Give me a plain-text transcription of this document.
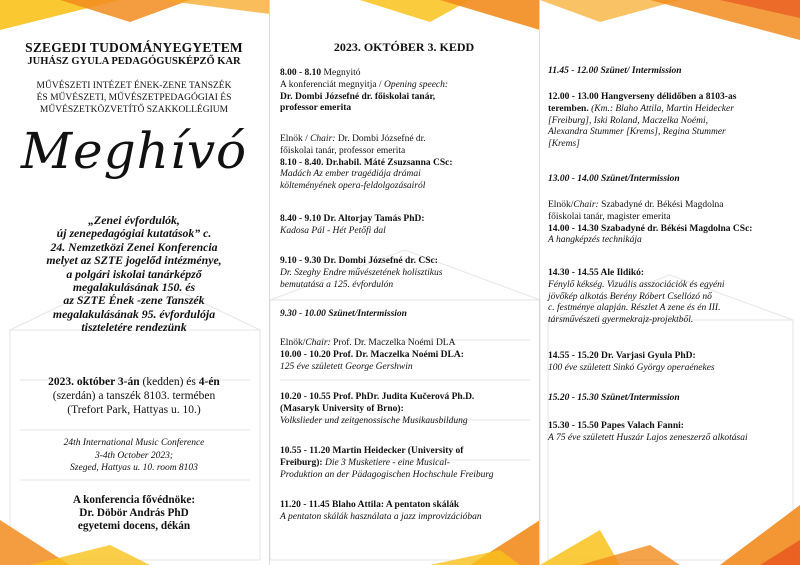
SZEGEDI TUDOMÁNYEGYETEM
JUHÁSZ GYULA PEDAGÓGUSKÉPZŐ KAR
MŰVÉSZETI INTÉZET ÉNEK-ZENE TANSZÉK
ÉS MŰVÉSZETI, MŰVÉSZETPEDAGÓGIAI ÉS
MŰVÉSZETKÖZVETÍTŐ SZAKKOLLÉGIUM
Meghívó
„Zenei évfordulók,
új zenepedagógiai kutatások” c.
24. Nemzetközi Zenei Konferencia
melyet az SZTE jogelőd intézménye,
a polgári iskolai tanárképző
megalakulásának 150. és
az SZTE Ének -zene Tanszék
megalakulásának 95. évfordulója
tiszteletére rendezünk
2023. október 3-án (kedden) és 4-én
(szerdán) a tanszék 8103. termében
(Trefort Park, Hattyas u. 10.)
24th International Music Conference
3-4th October 2023;
Szeged, Hattyas u. 10. room 8103
A konferencia fővédnöke:
Dr. Döbör András PhD
egyetemi docens, dékán
2023. OKTÓBER 3. KEDD
8.00 - 8.10 Megnyitó
A konferenciát megnyitja / Opening speech:
Dr. Dombi Józsefné dr. főiskolai tanár,
professor emerita
Elnök / Chair: Dr. Dombi Józsefné dr.
főiskolai tanár, professor emerita
8.10 - 8.40. Dr.habil. Máté Zsuzsanna CSc:
Madách Az ember tragédiája drámai
költeményének opera-feldolgozásairól
8.40 - 9.10 Dr. Altorjay Tamás PhD:
Kadosa Pál - Hét Petőfi dal
9.10 - 9.30 Dr. Dombi Józsefné dr. CSc:
Dr. Szeghy Endre művészetének holisztikus
bemutatása a 125. évfordulón
9.30 - 10.00 Szünet/Intermission
Elnök/Chair: Prof. Dr. Maczelka Noémi DLA
10.00 - 10.20 Prof. Dr. Maczelka Noémi DLA:
125 éve született George Gershwin
10.20 - 10.55 Prof. PhDr. Judita Kučerová Ph.D.
(Masaryk University of Brno):
Volkslieder und zeitgenossische Musikausbildung
10.55 - 11.20 Martin Heidecker (University of
Freiburg): Die 3 Musketiere - eine Musical-
Produktion an der Pädagogischen Hochschule Freiburg
11.20 - 11.45 Blaho Attila: A pentaton skálák
A pentaton skálák használata a jazz improvizációban
11.45 - 12.00 Szünet/ Intermission
12.00 - 13.00 Hangverseny délidőben a 8103-as
teremben. (Km.: Blaho Attila, Martin Heidecker
[Freiburg], Iski Roland, Maczelka Noémi,
Alexandra Stummer [Krems], Regina Stummer
[Krems]
13.00 - 14.00 Szünet/Intermission
Elnök/Chair: Szabadyné dr. Békési Magdolna
főiskolai tanár, magister emerita
14.00 - 14.30 Szabadyné dr. Békési Magdolna CSc:
A hangképzés technikája
14.30 - 14.55 Ale Ildikó:
Fénylő kékség. Vizuális asszociációk és egyéni
jövőkép alkotás Berény Róbert Csellózó nő
c. festménye alapján. Részlet A zene és én III.
társművészeti gyermekrajz-projektből.
14.55 - 15.20 Dr. Varjasi Gyula PhD:
100 éve született Sinkó György operaénekes
15.20 - 15.30 Szünet/Intermission
15.30 - 15.50 Papes Valach Fanni:
A 75 éve született Huszár Lajos zeneszerző alkotásai
